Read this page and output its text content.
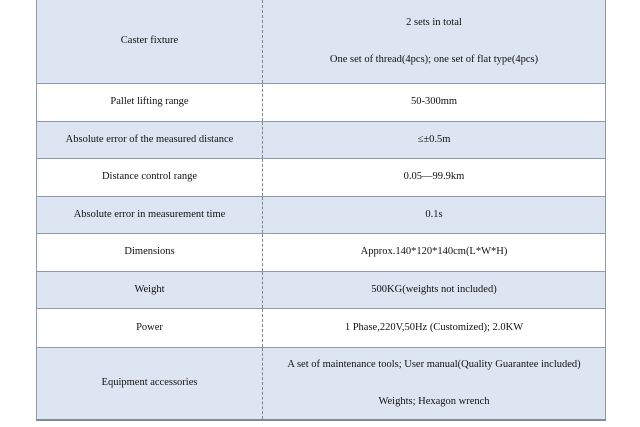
Caster fixture	2 sets in total
One set of thread(4pcs); one set of flat type(4pcs)

Pallet lifting range	50-300mm
Absolute error of the measured distance	≤±0.5m
Distance control range	0.05—99.9km
Absolute error in measurement time	0.1s
Dimensions	Approx.140*120*140cm(L*W*H)
Weight	500KG(weights not included)
Power	1 Phase,220V,50Hz (Customized); 2.0KW
Equipment accessories	A set of maintenance tools; User manual(Quality Guarantee included)
Weights; Hexagon wrench
